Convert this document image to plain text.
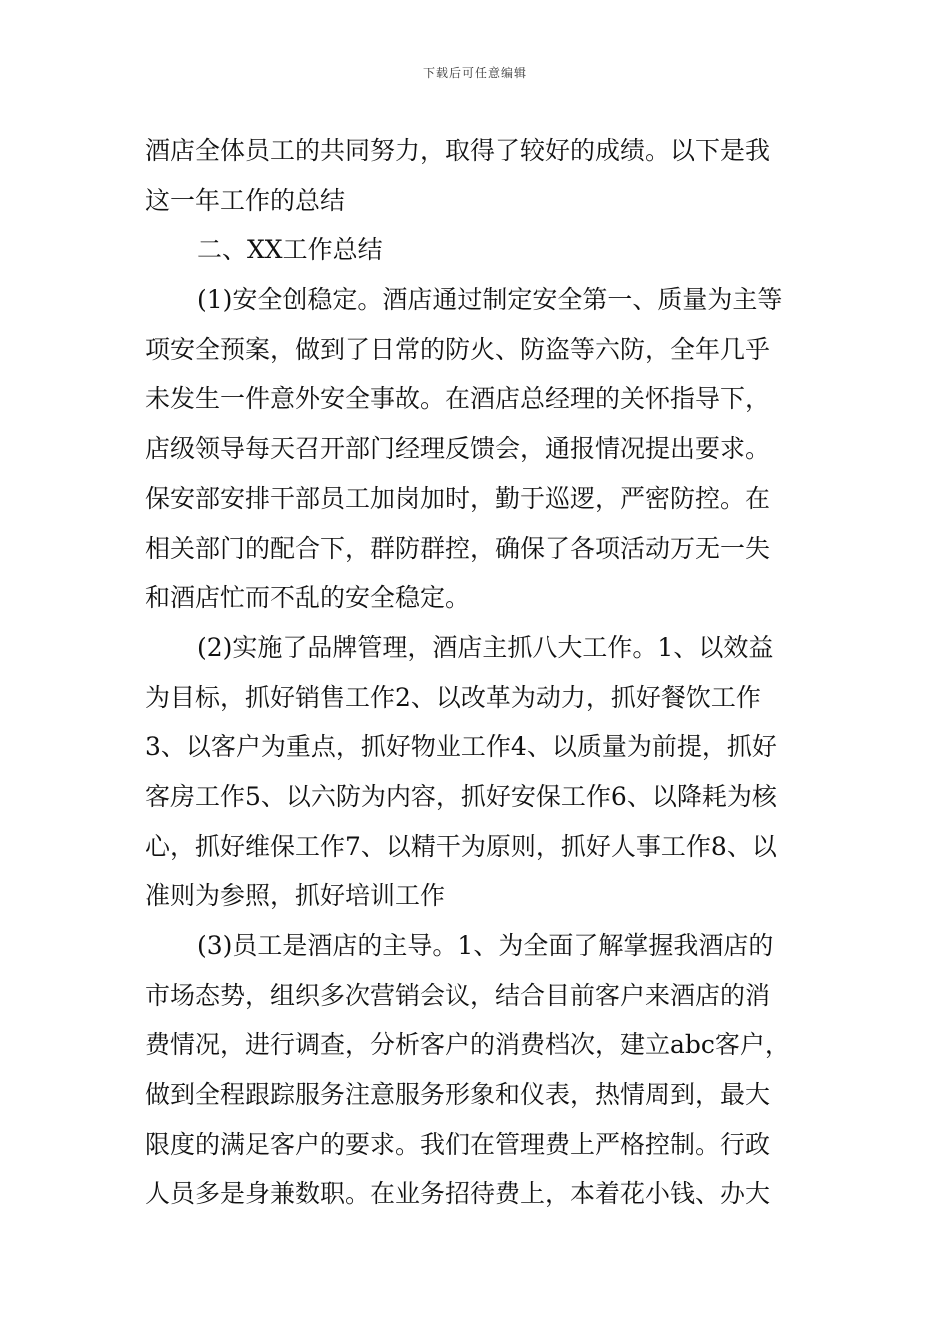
下载后可任意编辑
酒店全体员工的共同努力，取得了较好的成绩。以下是我
这一年工作的总结
二、XX工作总结
(1)安全创稳定。酒店通过制定安全第一、质量为主等
项安全预案，做到了日常的防火、防盗等六防，全年几乎
未发生一件意外安全事故。在酒店总经理的关怀指导下，
店级领导每天召开部门经理反馈会，通报情况提出要求。
保安部安排干部员工加岗加时，勤于巡逻，严密防控。在
相关部门的配合下，群防群控，确保了各项活动万无一失
和酒店忙而不乱的安全稳定。
(2)实施了品牌管理，酒店主抓八大工作。1、以效益
为目标，抓好销售工作2、以改革为动力，抓好餐饮工作
3、以客户为重点，抓好物业工作4、以质量为前提，抓好
客房工作5、以六防为内容，抓好安保工作6、以降耗为核
心，抓好维保工作7、以精干为原则，抓好人事工作8、以
准则为参照，抓好培训工作
(3)员工是酒店的主导。1、为全面了解掌握我酒店的
市场态势，组织多次营销会议，结合目前客户来酒店的消
费情况，进行调查，分析客户的消费档次，建立abc客户，
做到全程跟踪服务注意服务形象和仪表，热情周到，最大
限度的满足客户的要求。我们在管理费上严格控制。行政
人员多是身兼数职。在业务招待费上，本着花小钱、办大
